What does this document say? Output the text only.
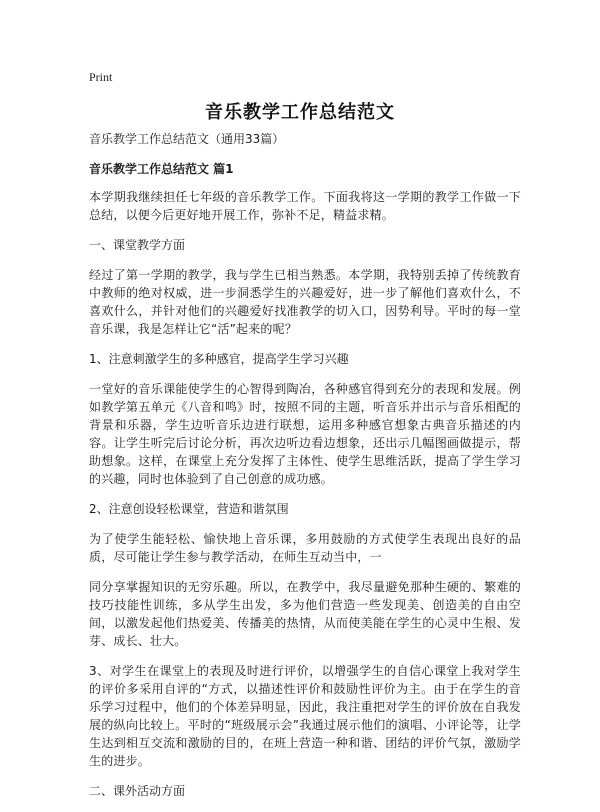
Print
音乐教学工作总结范文
音乐教学工作总结范文（通用33篇）
音乐教学工作总结范文 篇1
本学期我继续担任七年级的音乐教学工作。下面我将这一学期的教学工作做一下总结，以便今后更好地开展工作，弥补不足，精益求精。
一、课堂教学方面
经过了第一学期的教学，我与学生已相当熟悉。本学期，我特别丢掉了传统教育中教师的绝对权威，进一步洞悉学生的兴趣爱好，进一步了解他们喜欢什么，不喜欢什么，并针对他们的兴趣爱好找准教学的切入口，因势利导。平时的每一堂音乐课，我是怎样让它“活”起来的呢？
1、注意刺激学生的多种感官，提高学生学习兴趣
一堂好的音乐课能使学生的心智得到陶冶，各种感官得到充分的表现和发展。例如教学第五单元《八音和鸣》时，按照不同的主题，听音乐并出示与音乐相配的背景和乐器，学生边听音乐边进行联想，运用多种感官想象古典音乐描述的内容。让学生听完后讨论分析，再次边听边看边想象，还出示几幅图画做提示，帮助想象。这样，在课堂上充分发挥了主体性、使学生思维活跃，提高了学生学习的兴趣，同时也体验到了自己创意的成功感。
2、注意创设轻松课堂，营造和谐氛围
为了使学生能轻松、愉快地上音乐课，多用鼓励的方式使学生表现出良好的品质，尽可能让学生参与教学活动，在师生互动当中，一
同分享掌握知识的无穷乐趣。所以，在教学中，我尽量避免那种生硬的、繁难的技巧技能性训练，多从学生出发，多为他们营造一些发现美、创造美的自由空间，以激发起他们热爱美、传播美的热情，从而使美能在学生的心灵中生根、发芽、成长、壮大。
3、对学生在课堂上的表现及时进行评价，以增强学生的自信心课堂上我对学生的评价多采用自评的“方式，以描述性评价和鼓励性评价为主。由于在学生的音乐学习过程中，他们的个体差异明显，因此，我注重把对学生的评价放在自我发展的纵向比较上。平时的“班级展示会”我通过展示他们的演唱、小评论等，让学生达到相互交流和激励的目的，在班上营造一种和谐、团结的评价气氛，激励学生的进步。
二、课外活动方面
